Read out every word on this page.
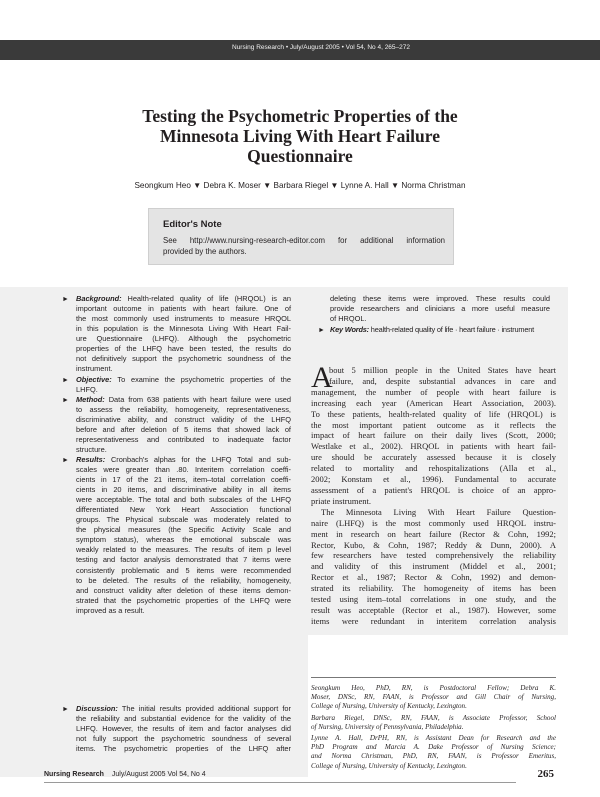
Nursing Research • July/August 2005 • Vol 54, No 4, 265–272
Testing the Psychometric Properties of the
Minnesota Living With Heart Failure
Questionnaire
Seongkum Heo ▼ Debra K. Moser ▼ Barbara Riegel ▼ Lynne A. Hall ▼ Norma Christman
Editor's Note
See http://www.nursing-research-editor.com for additional information
provided by the authors.
► Background: Health-related quality of life (HRQOL) is an
important outcome in patients with heart failure. One of
the most commonly used instruments to measure HRQOL
in this population is the Minnesota Living With Heart Fail-
ure Questionnaire (LHFQ). Although the psychometric
properties of the LHFQ have been tested, the results do
not definitively support the psychometric soundness of the
instrument.
► Objective: To examine the psychometric properties of the
LHFQ.
► Method: Data from 638 patients with heart failure were used
to assess the reliability, homogeneity, representativeness,
discriminative ability, and construct validity of the LHFQ
before and after deletion of 5 items that showed lack of
representativeness and contributed to inadequate factor
structure.
► Results: Cronbach's alphas for the LHFQ Total and sub-
scales were greater than .80. Interitem correlation coeffi-
cients in 17 of the 21 items, item–total correlation coeffi-
cients in 20 items, and discriminative ability in all items
were acceptable. The total and both subscales of the LHFQ
differentiated New York Heart Association functional
groups. The Physical subscale was moderately related to
the physical measures (the Specific Activity Scale and
symptom status), whereas the emotional subscale was
weakly related to the measures. The results of item p level
testing and factor analysis demonstrated that 7 items were
consistently problematic and 5 items were recommended
to be deleted. The results of the reliability, homogeneity,
and construct validity after deletion of these items demon-
strated that the psychometric properties of the LHFQ were
improved as a result.
► Discussion: The initial results provided additional support for
the reliability and substantial evidence for the validity of the
LHFQ. However, the results of item and factor analyses did
not fully support the psychometric soundness of several
items. The psychometric properties of the LHFQ after
deleting these items were improved. These results could
provide researchers and clinicians a more useful measure
of HRQOL.
► Key Words: health-related quality of life · heart failure · instrument
A
bout 5 million people in the United States have heart
failure, and, despite substantial advances in care and
management, the number of people with heart failure is
increasing each year (American Heart Association, 2003).
To these patients, health-related quality of life (HRQOL) is
the most important patient outcome as it reflects the
impact of heart failure on their daily lives (Scott, 2000;
Westlake et al., 2002). HRQOL in patients with heart fail-
ure should be accurately assessed because it is closely
related to mortality and rehospitalizations (Alla et al.,
2002; Konstam et al., 1996). Fundamental to accurate
assessment of a patient's HRQOL is choice of an appro-
priate instrument.
The Minnesota Living With Heart Failure Question-
naire (LHFQ) is the most commonly used HRQOL instru-
ment in research on heart failure (Rector & Cohn, 1992;
Rector, Kubo, & Cohn, 1987; Reddy & Dunn, 2000). A
few researchers have tested comprehensively the reliability
and validity of this instrument (Middel et al., 2001;
Rector et al., 1987; Rector & Cohn, 1992) and demon-
strated its reliability. The homogeneity of items has been
tested using item–total correlations in one study, and the
result was acceptable (Rector et al., 1987). However, some
items were redundant in interitem correlation analysis

Seongkum Heo, PhD, RN, is Postdoctoral Fellow; Debra K.
Moser, DNSc, RN, FAAN, is Professor and Gill Chair of Nursing,
College of Nursing, University of Kentucky, Lexington.

Barbara Riegel, DNSc, RN, FAAN, is Associate Professor, School
of Nursing, University of Pennsylvania, Philadelphia.

Lynne A. Hall, DrPH, RN, is Assistant Dean for Research and the
PhD Program and Marcia A. Dake Professor of Nursing Science;
and Norma Christman, PhD, RN, FAAN, is Professor Emeritus,
College of Nursing, University of Kentucky, Lexington.

Nursing Research July/August 2005 Vol 54, No 4	265
